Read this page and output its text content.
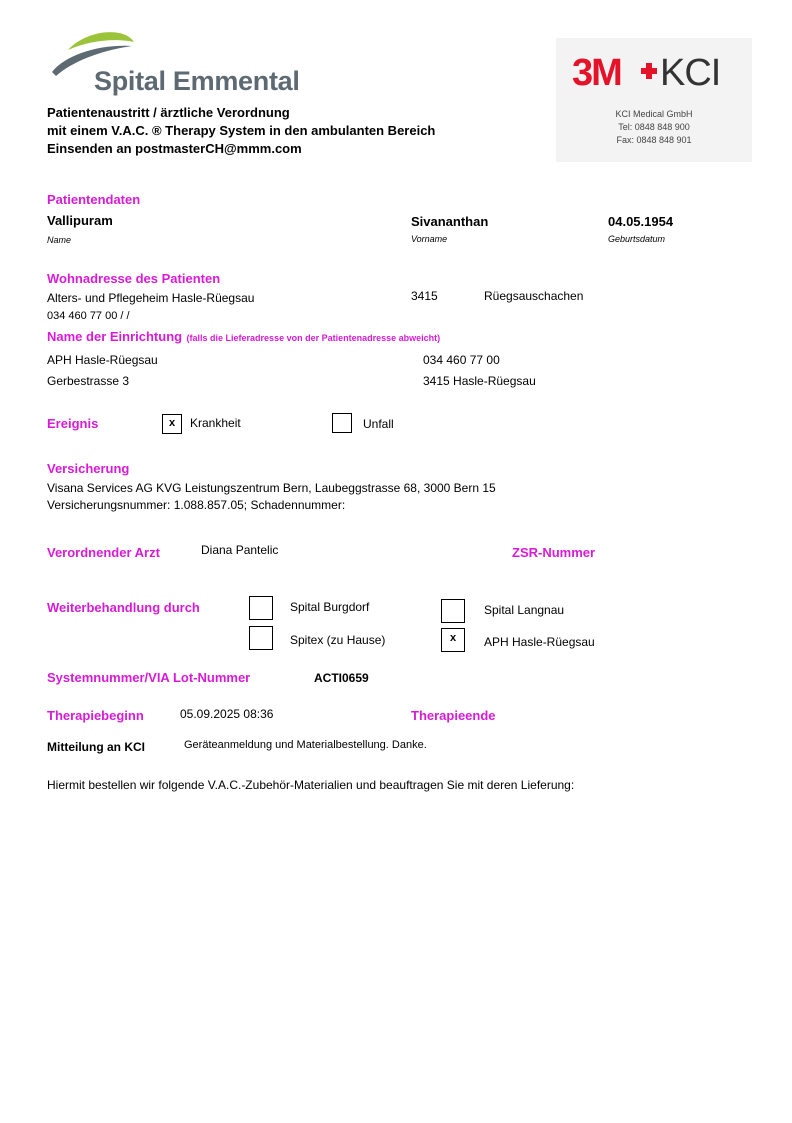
Spital Emmental	3M KCI
KCI Medical GmbH
Tel: 0848 848 900
Fax: 0848 848 901
Patientenaustritt / ärztliche Verordnung
mit einem V.A.C. ® Therapy System in den ambulanten Bereich
Einsenden an postmasterCH@mmm.com
Patientendaten
Vallipuram
Name
Sivananthan
Vorname
04.05.1954
Geburtsdatum
Wohnadresse des Patienten
Alters- und Pflegeheim Hasle-Rüegsau	3415	Rüegsauschachen
034 460 77 00 / /
Name der Einrichtung (falls die Lieferadresse von der Patientenadresse abweicht)
APH Hasle-Rüegsau	034 460 77 00
Gerbestrasse 3	3415 Hasle-Rüegsau
Ereignis	x	Krankheit	Unfall
Versicherung
Visana Services AG KVG Leistungszentrum Bern, Laubeggstrasse 68, 3000 Bern 15
Versicherungsnummer: 1.088.857.05; Schadennummer:
Verordnender Arzt	Diana Pantelic	ZSR-Nummer
Weiterbehandlung durch	Spital Burgdorf	Spital Langnau
Spitex (zu Hause)	x	APH Hasle-Rüegsau
Systemnummer/VIA Lot-Nummer	ACTI0659
Therapiebeginn	05.09.2025 08:36	Therapieende
Mitteilung an KCI	Geräteanmeldung und Materialbestellung. Danke.
Hiermit bestellen wir folgende V.A.C.-Zubehör-Materialien und beauftragen Sie mit deren Lieferung:
